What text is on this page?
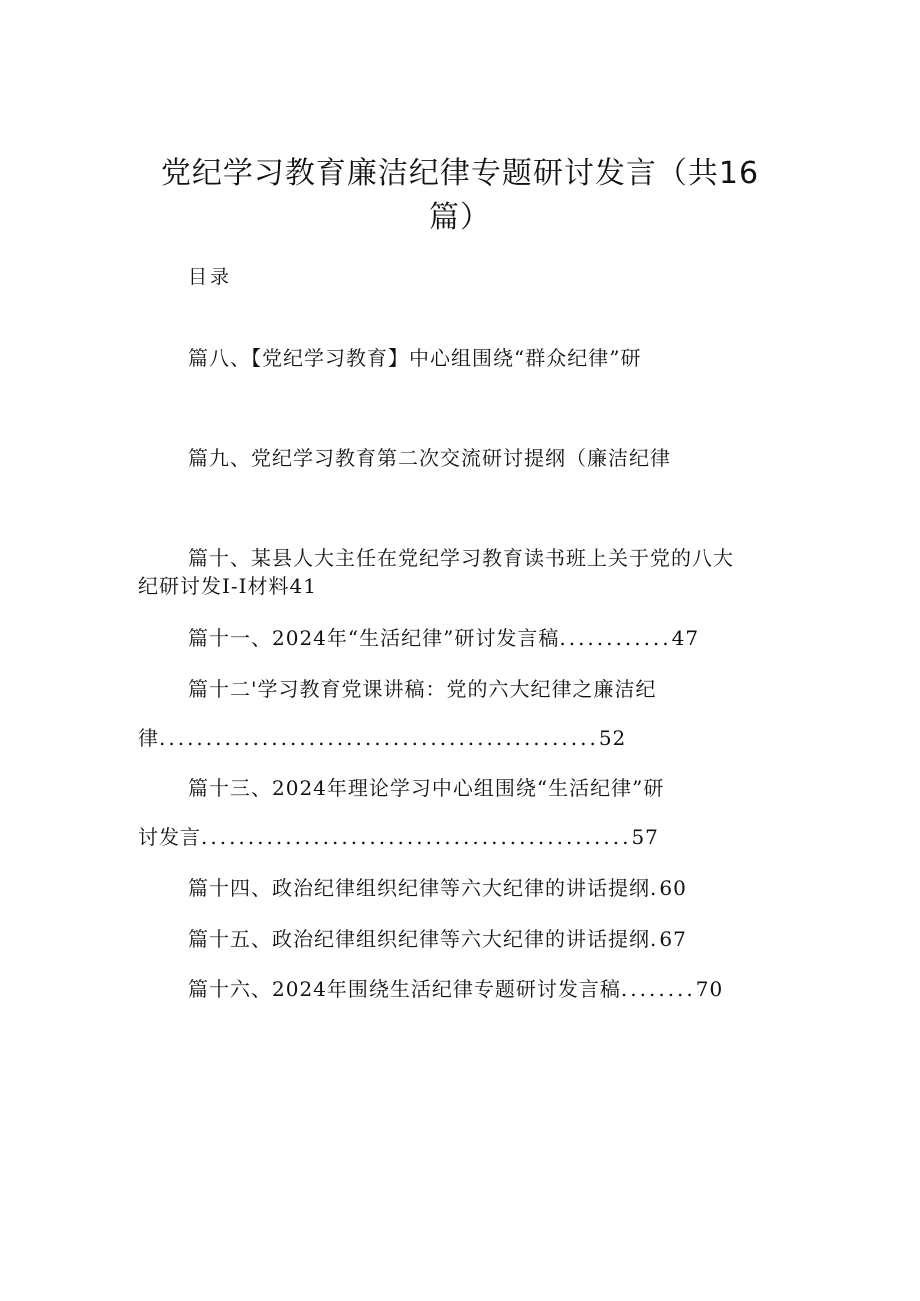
党纪学习教育廉洁纪律专题研讨发言（共16
篇）
目录
篇八、【党纪学习教育】中心组围绕“群众纪律”研
篇九、党纪学习教育第二次交流研讨提纲（廉洁纪律
篇十、某县人大主任在党纪学习教育读书班上关于党的八大
纪研讨发I-I材料41
篇十一、2024年“生活纪律”研讨发言稿 ............ 47
篇十二'学习教育党课讲稿：党的六大纪律之廉洁纪
律 ............................................... 52
篇十三、2024年理论学习中心组围绕“生活纪律”研
讨发言 .............................................. 57
篇十四、政治纪律组织纪律等六大纪律的讲话提纲 . 60
篇十五、政治纪律组织纪律等六大纪律的讲话提纲 . 67
篇十六、2024年围绕生活纪律专题研讨发言稿 ........ 70
